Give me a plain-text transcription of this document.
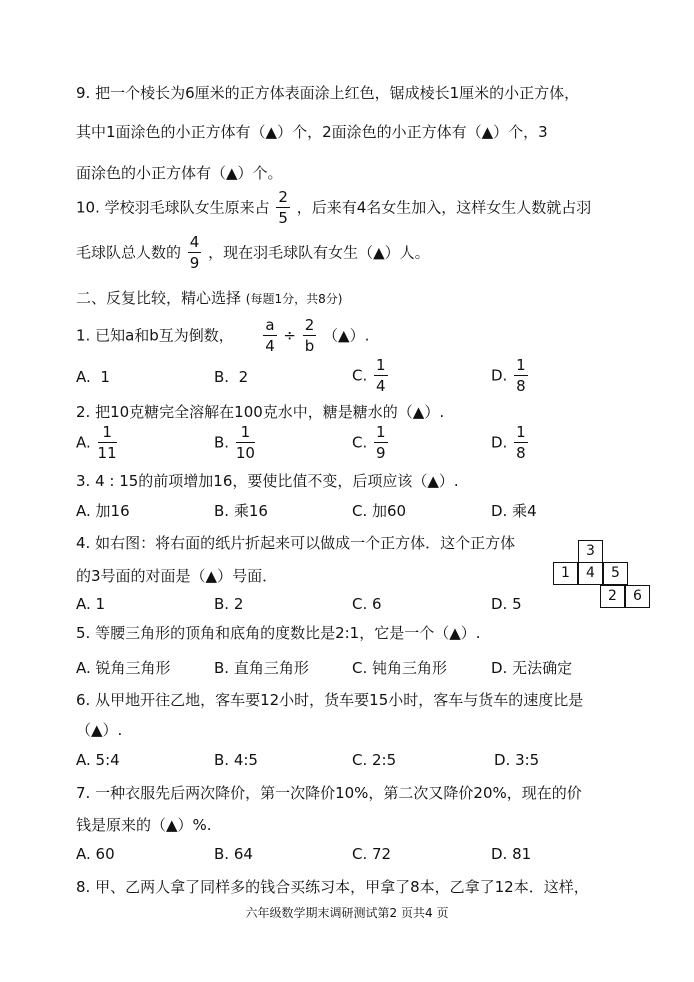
9. 把一个棱长为6厘米的正方体表面涂上红色，锯成棱长1厘米的小正方体，
其中1面涂色的小正方体有（▲）个，2面涂色的小正方体有（▲）个，3
面涂色的小正方体有（▲）个。
10. 学校羽毛球队女生原来占 $\frac{2}{5}$ ，后来有4名女生加入，这样女生人数就占羽
毛球队总人数的 $\frac{4}{9}$ ，现在羽毛球队有女生（▲）人。
二、反复比较，精心选择 (每题1分，共8分)
1. 已知a和b互为倒数， $\frac{a}{4} \div \frac{2}{b}$ （▲）.
A. 1	B. 2	C. $\frac{1}{4}$	D. $\frac{1}{8}$
2. 把10克糖完全溶解在100克水中，糖是糖水的（▲）.
A. $\frac{1}{11}$	B. $\frac{1}{10}$	C. $\frac{1}{9}$	D. $\frac{1}{8}$
3. 4 : 15的前项增加16，要使比值不变，后项应该（▲）.
A. 加16	B. 乘16	C. 加60	D. 乘4
4. 如右图：将右面的纸片折起来可以做成一个正方体．这个正方体
的3号面的对面是（▲）号面．
A. 1	B. 2	C. 6	D. 5
3
1	4	5
2	6
5. 等腰三角形的顶角和底角的度数比是2:1，它是一个（▲）.
A. 锐角三角形	B. 直角三角形	C. 钝角三角形	D. 无法确定
6. 从甲地开往乙地，客车要12小时，货车要15小时，客车与货车的速度比是
（▲）.
A. 5:4	B. 4:5	C. 2:5	D. 3:5
7. 一种衣服先后两次降价，第一次降价10%，第二次又降价20%，现在的价
钱是原来的（▲）%.
A. 60	B. 64	C. 72	D. 81
8. 甲、乙两人拿了同样多的钱合买练习本，甲拿了8本，乙拿了12本．这样，
六年级数学期末调研测试第2 页共4 页
